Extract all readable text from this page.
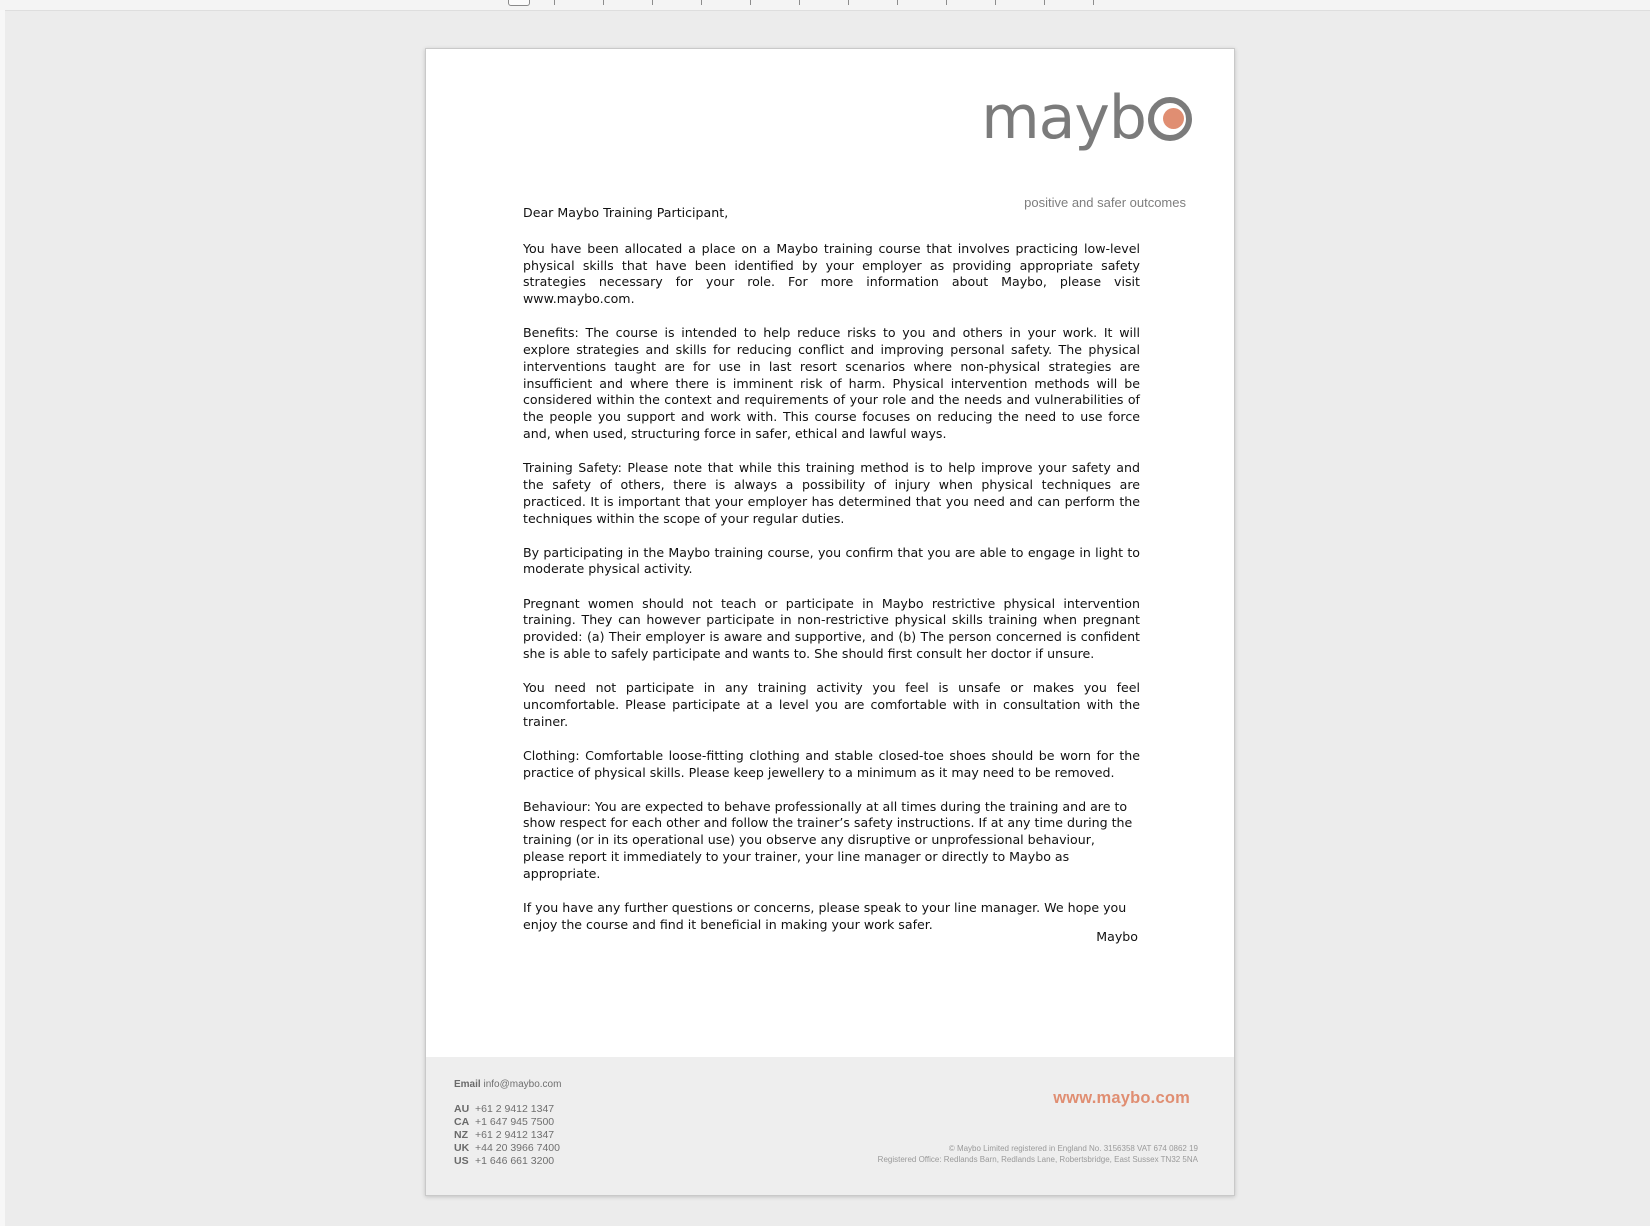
mayb
positive and safer outcomes

Dear Maybo Training Participant,

You have been allocated a place on a Maybo training course that involves practicing low-level physical skills that have been identified by your employer as providing appropriate safety strategies necessary for your role. For more information about Maybo, please visit www.maybo.com.

Benefits: The course is intended to help reduce risks to you and others in your work. It will explore strategies and skills for reducing conflict and improving personal safety. The physical interventions taught are for use in last resort scenarios where non-physical strategies are insufficient and where there is imminent risk of harm. Physical intervention methods will be considered within the context and requirements of your role and the needs and vulnerabilities of the people you support and work with. This course focuses on reducing the need to use force and, when used, structuring force in safer, ethical and lawful ways.

Training Safety: Please note that while this training method is to help improve your safety and the safety of others, there is always a possibility of injury when physical techniques are practiced. It is important that your employer has determined that you need and can perform the techniques within the scope of your regular duties.

By participating in the Maybo training course, you confirm that you are able to engage in light to moderate physical activity.

Pregnant women should not teach or participate in Maybo restrictive physical intervention training. They can however participate in non-restrictive physical skills training when pregnant provided: (a) Their employer is aware and supportive, and (b) The person concerned is confident she is able to safely participate and wants to. She should first consult her doctor if unsure.

You need not participate in any training activity you feel is unsafe or makes you feel uncomfortable. Please participate at a level you are comfortable with in consultation with the trainer.

Clothing: Comfortable loose-fitting clothing and stable closed-toe shoes should be worn for the practice of physical skills. Please keep jewellery to a minimum as it may need to be removed.

Behaviour: You are expected to behave professionally at all times during the training and are to show respect for each other and follow the trainer’s safety instructions. If at any time during the training (or in its operational use) you observe any disruptive or unprofessional behaviour, please report it immediately to your trainer, your line manager or directly to Maybo as appropriate.

If you have any further questions or concerns, please speak to your line manager. We hope you enjoy the course and find it beneficial in making your work safer.

Maybo
Email info@maybo.com
AU +61 2 9412 1347
CA +1 647 945 7500
NZ +61 2 9412 1347
UK +44 20 3966 7400
US +1 646 661 3200
www.maybo.com
© Maybo Limited registered in England No. 3156358 VAT 674 0862 19
Registered Office: Redlands Barn, Redlands Lane, Robertsbridge, East Sussex TN32 5NA
